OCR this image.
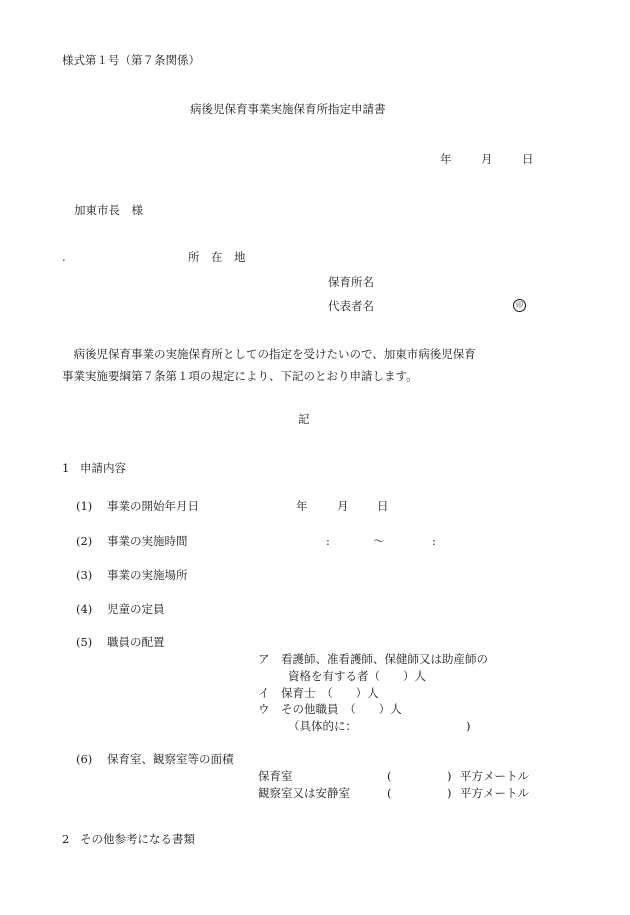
様式第１号（第７条関係）
病後児保育事業実施保育所指定申請書
年	月	日
加東市長　様
.	所　在　地
保育所名
代表者名	印
　病後児保育事業の実施保育所としての指定を受けたいので、加東市病後児保育
事業実施要綱第７条第１項の規定により、下記のとおり申請します。
記
1 申請内容
(1) 事業の開始年月日	年	月 日
(2) 事業の実施時間	:	〜	:
(3) 事業の実施場所
(4) 児童の定員
(5) 職員の配置
ア　看護師、准看護師、保健師又は助産師の
資格を有する者（　　）人
イ　保育士　（　　）人
ウ　その他職員　（　　）人
（具体的に：	)
(6) 保育室、観察室等の面積
保育室	(	) 平方メートル
観察室又は安静室	(	) 平方メートル
2 その他参考になる書類
